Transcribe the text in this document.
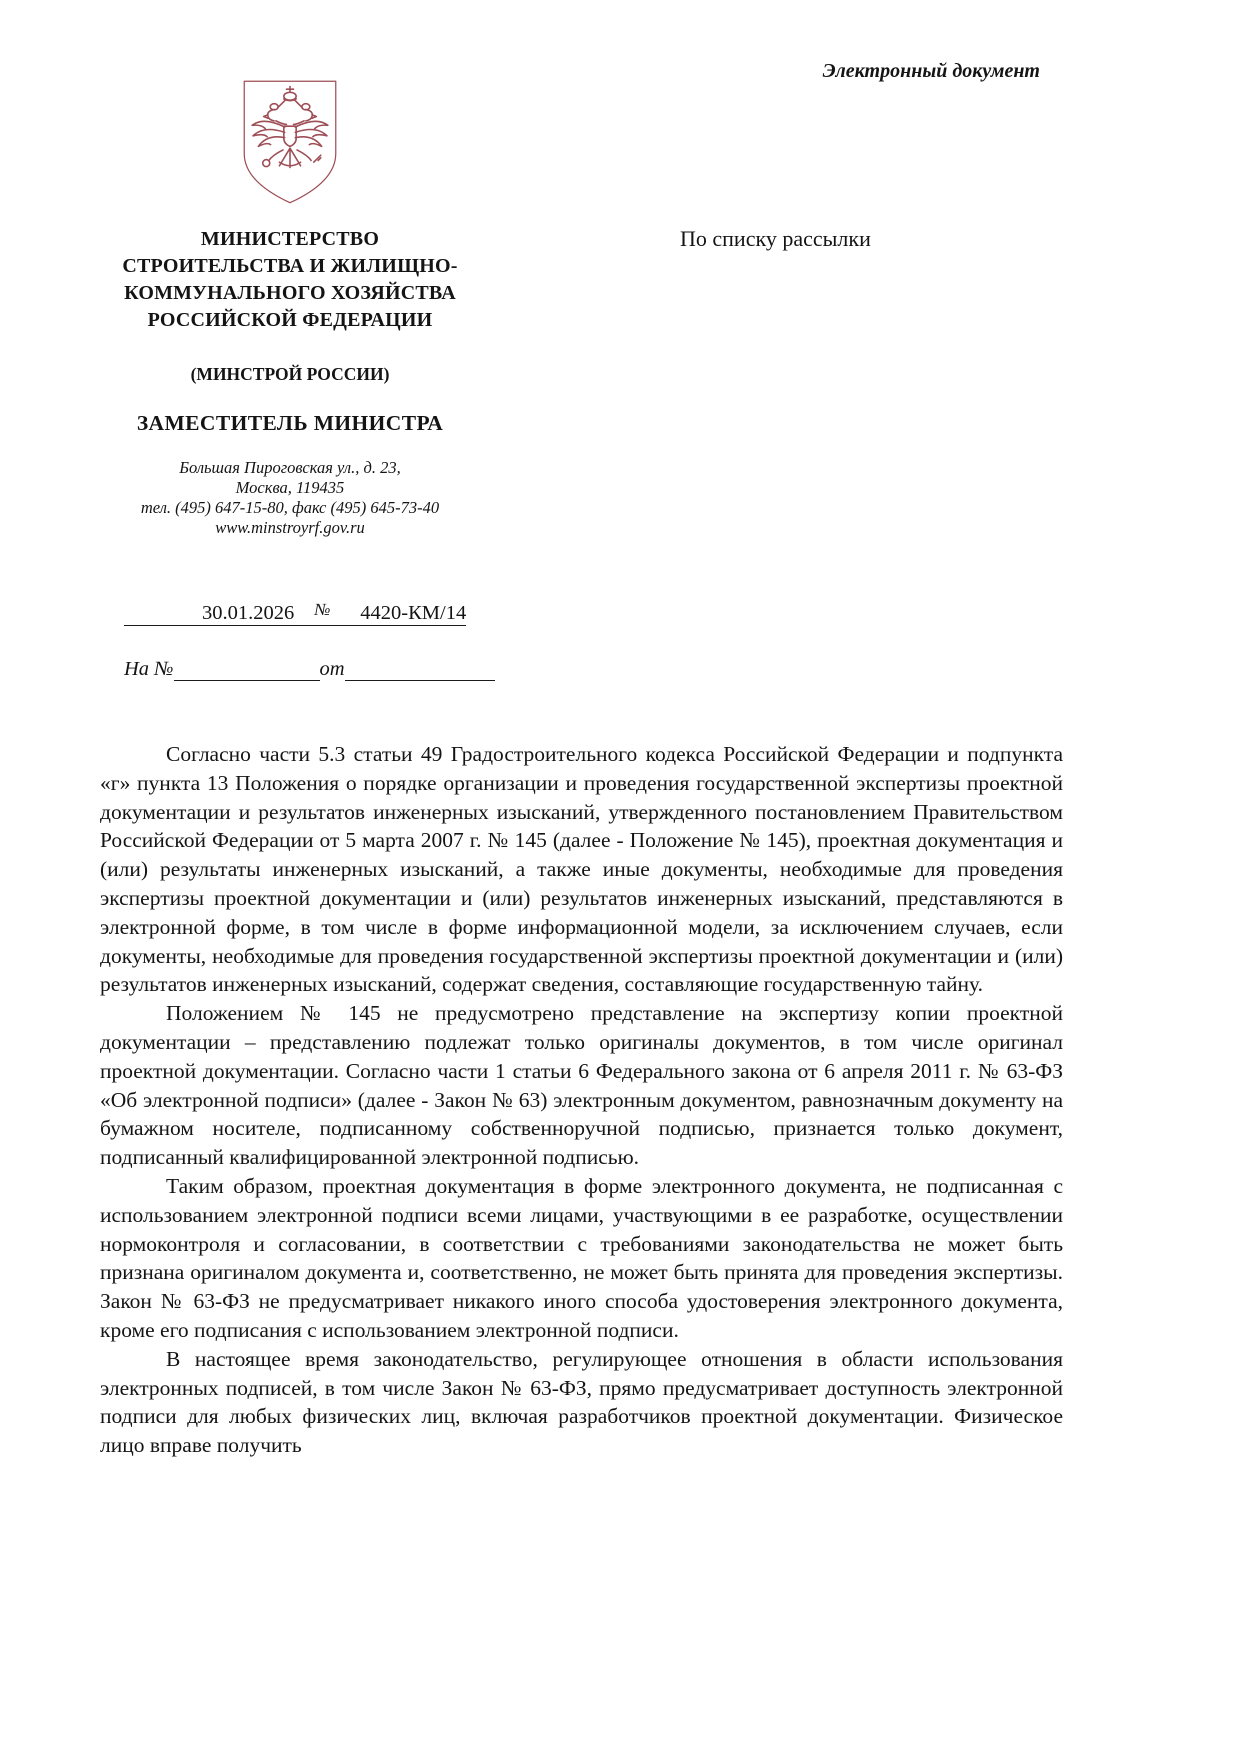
Электронный документ
МИНИСТЕРСТВО
СТРОИТЕЛЬСТВА И ЖИЛИЩНО-
КОММУНАЛЬНОГО ХОЗЯЙСТВА
РОССИЙСКОЙ ФЕДЕРАЦИИ
(МИНСТРОЙ РОССИИ)
ЗАМЕСТИТЕЛЬ МИНИСТРА
Большая Пироговская ул., д. 23,
Москва, 119435
тел. (495) 647-15-80, факс (495) 645-73-40
www.minstroyrf.gov.ru
30.01.2026 № 4420-КМ/14
На №	от
По списку рассылки

Согласно части 5.3 статьи 49 Градостроительного кодекса Российской Федерации и подпункта «г» пункта 13 Положения о порядке организации и проведения государственной экспертизы проектной документации и результатов инженерных изысканий, утвержденного постановлением Правительством Российской Федерации от 5 марта 2007 г. № 145 (далее - Положение № 145), проектная документация и (или) результаты инженерных изысканий, а также иные документы, необходимые для проведения экспертизы проектной документации и (или) результатов инженерных изысканий, представляются в электронной форме, в том числе в форме информационной модели, за исключением случаев, если документы, необходимые для проведения государственной экспертизы проектной документации и (или) результатов инженерных изысканий, содержат сведения, составляющие государственную тайну.

Положением № 145 не предусмотрено представление на экспертизу копии проектной документации – представлению подлежат только оригиналы документов, в том числе оригинал проектной документации. Согласно части 1 статьи 6 Федерального закона от 6 апреля 2011 г. № 63-ФЗ «Об электронной подписи» (далее - Закон № 63) электронным документом, равнозначным документу на бумажном носителе, подписанному собственноручной подписью, признается только документ, подписанный квалифицированной электронной подписью.

Таким образом, проектная документация в форме электронного документа, не подписанная с использованием электронной подписи всеми лицами, участвующими в ее разработке, осуществлении нормоконтроля и согласовании, в соответствии с требованиями законодательства не может быть признана оригиналом документа и, соответственно, не может быть принята для проведения экспертизы. Закон № 63-ФЗ не предусматривает никакого иного способа удостоверения электронного документа, кроме его подписания с использованием электронной подписи.

В настоящее время законодательство, регулирующее отношения в области использования электронных подписей, в том числе Закон № 63-ФЗ, прямо предусматривает доступность электронной подписи для любых физических лиц, включая разработчиков проектной документации. Физическое лицо вправе получить
